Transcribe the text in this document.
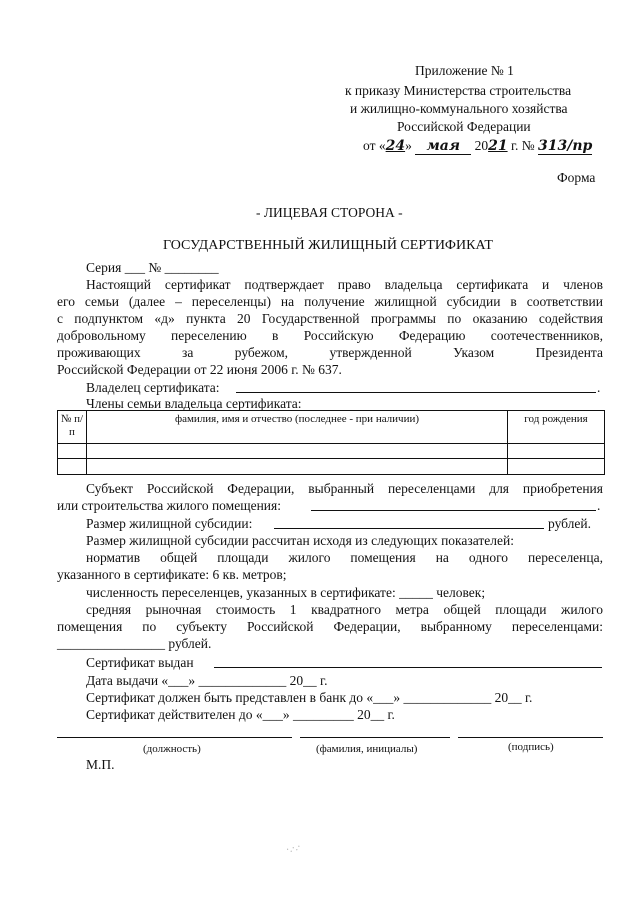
Приложение № 1
к приказу Министерства строительства
и жилищно-коммунального хозяйства
Российской Федерации
от «24» мая 2021 г. № 313/пр
Форма
- ЛИЦЕВАЯ СТОРОНА -
ГОСУДАРСТВЕННЫЙ ЖИЛИЩНЫЙ СЕРТИФИКАТ
Серия ___ № ________
Настоящий сертификат подтверждает право владельца сертификата и членов
его семьи (далее – переселенцы) на получение жилищной субсидии в соответствии
с подпунктом «д» пункта 20 Государственной программы по оказанию содействия
добровольному переселению в Российскую Федерацию соотечественников,
проживающих за рубежом, утвержденной Указом Президента
Российской Федерации от 22 июня 2006 г. № 637.
Владелец сертификата:	.
Члены семьи владельца сертификата:
№ п/п	фамилия, имя и отчество (последнее - при наличии)	год рождения

Субъект Российской Федерации, выбранный переселенцами для приобретения
или строительства жилого помещения:	.
Размер жилищной субсидии:	рублей.
Размер жилищной субсидии рассчитан исходя из следующих показателей:
норматив общей площади жилого помещения на одного переселенца,
указанного в сертификате: 6 кв. метров;
численность переселенцев, указанных в сертификате: _____ человек;
средняя рыночная стоимость 1 квадратного метра общей площади жилого
помещения по субъекту Российской Федерации, выбранному переселенцами:
________________ рублей.
Сертификат выдан
Дата выдачи «___» _____________ 20__ г.
Сертификат должен быть представлен в банк до «___» _____________ 20__ г.
Сертификат действителен до «___» _________ 20__ г.
(должность)	(фамилия, инициалы)	(подпись)
М.П.
·.·.·
